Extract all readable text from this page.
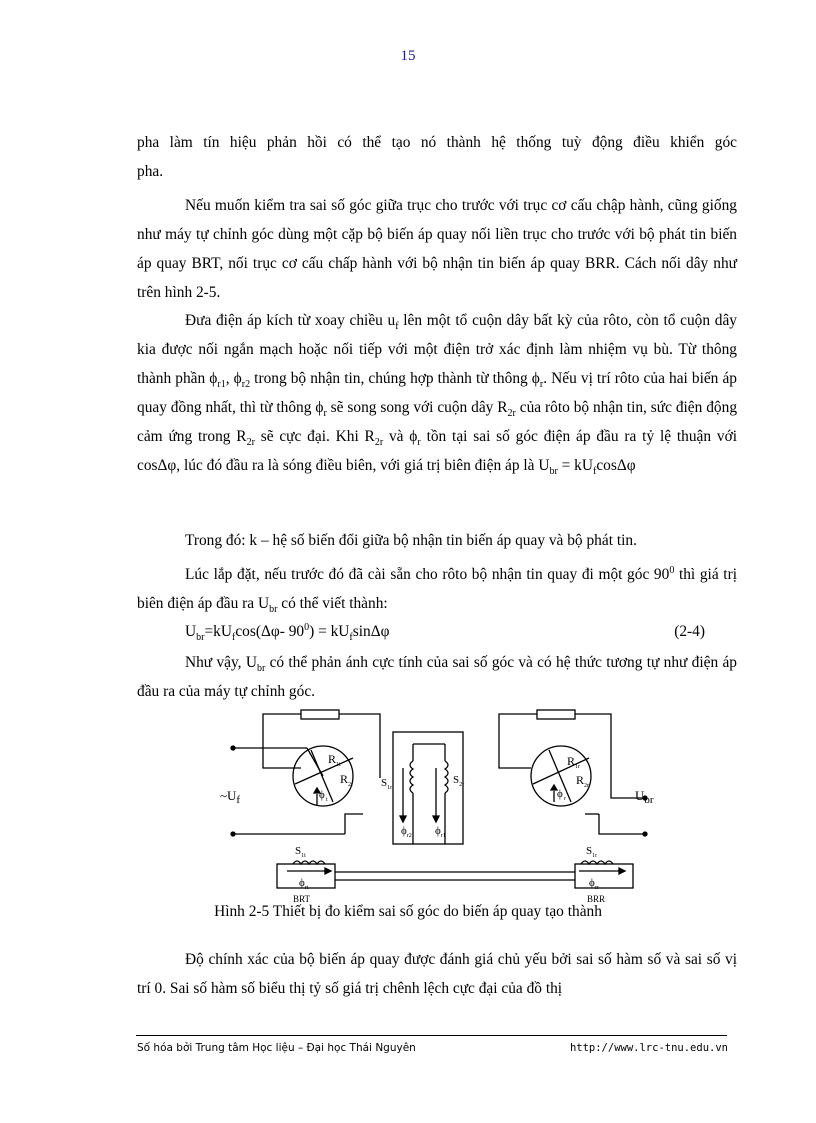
15

pha làm tín hiệu phản hồi có thể tạo nó thành hệ thống tuỳ động điều khiển góc

pha.

Nếu muốn kiểm tra sai số góc giữa trục cho trước với trục cơ cấu chập hành, cũng giống như máy tự chỉnh góc dùng một cặp bộ biến áp quay nối liền trục cho trước với bộ phát tin biến áp quay BRT, nối trục cơ cấu chấp hành với bộ nhận tin biến áp quay BRR. Cách nối dây như trên hình 2-5.

Đưa điện áp kích từ xoay chiều $u_f$ lên một tổ cuộn dây bất kỳ của rôto, còn tổ cuộn dây kia được nối ngắn mạch hoặc nối tiếp với một điện trở xác định làm nhiệm vụ bù. Từ thông thành phần $\phi_{r1}$, $\phi_{r2}$ trong bộ nhận tin, chúng hợp thành từ thông $\phi_r$. Nếu vị trí rôto của hai biến áp quay đồng nhất, thì từ thông $\phi_r$ sẽ song song với cuộn dây $R_{2r}$ của rôto bộ nhận tin, sức điện động cảm ứng trong $R_{2r}$ sẽ cực đại. Khi $R_{2r}$ và $\phi_r$ tồn tại sai số góc điện áp đầu ra tỷ lệ thuận với cosΔφ, lúc đó đầu ra là sóng điều biên, với giá trị biên điện áp là $U_{br} = kU_f\cos\Delta\varphi$

Trong đó: k – hệ số biến đổi giữa bộ nhận tin biến áp quay và bộ phát tin.

Lúc lắp đặt, nếu trước đó đã cài sẵn cho rôto bộ nhận tin quay đi một góc $90^0$ thì giá trị biên điện áp đầu ra $U_{br}$ có thể viết thành:

$U_{br}=kU_f\cos(\Delta\varphi-$ $90^0) = kU_f\sin\Delta\varphi$	(2-4)

Như vậy, $U_{br}$ có thể phản ánh cực tính của sai số góc và có hệ thức tương tự như điện áp đầu ra của máy tự chỉnh góc.

R 1t
R 2t
ϕ t
$\sim U_f$
$S_{1r}$
$S_{2r}$
$\phi_{r2}$ $\phi_{r1}$
R 1r
R 2r
ϕ r	$U_{br}$
$S_{1t}$	$S_{1r}$
$\phi_{rt}$	$\phi_{rr}$
BRT	BRR
Hình 2-5 Thiết bị đo kiểm sai số góc do biến áp quay tạo thành

Độ chính xác của bộ biến áp quay được đánh giá chủ yếu bởi sai số hàm số và sai số vị trí 0. Sai số hàm số biểu thị tỷ số giá trị chênh lệch cực đại của đồ thị

Số hóa bởi Trung tâm Học liệu – Đại học Thái Nguyên	http://www.lrc-tnu.edu.vn
